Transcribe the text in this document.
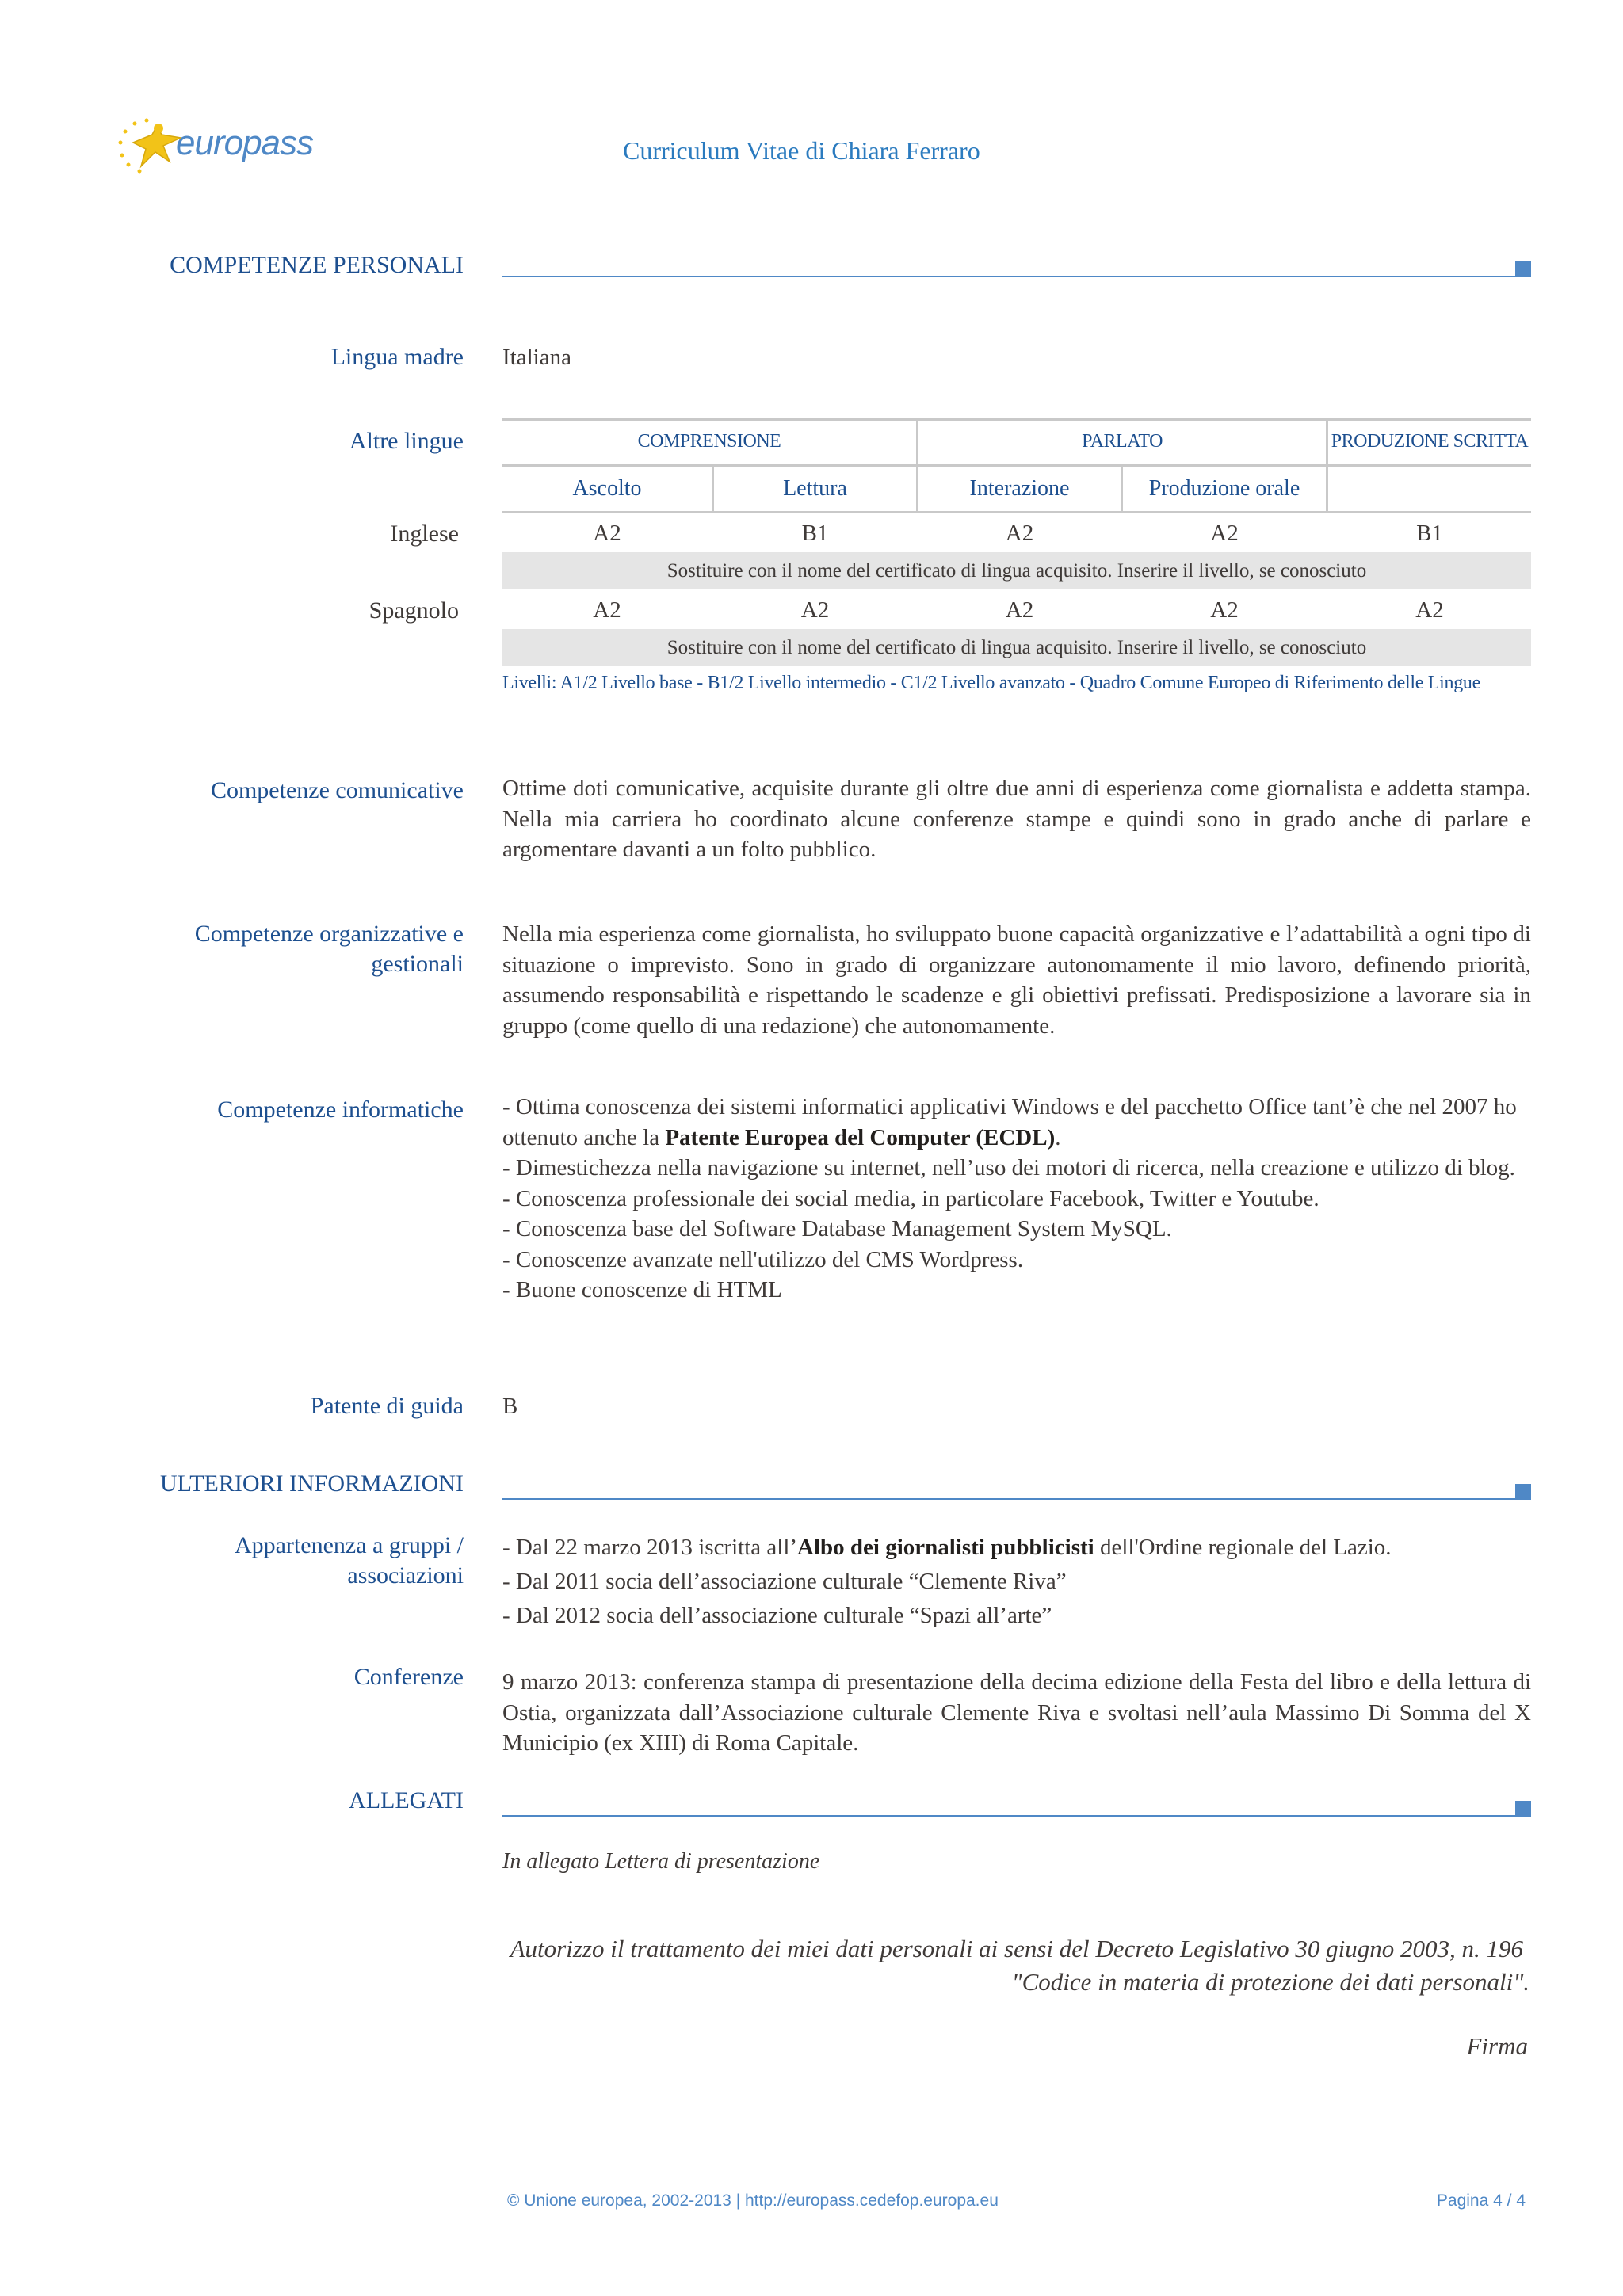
europass	Curriculum Vitae di Chiara Ferraro
COMPETENZE PERSONALI
Lingua madre Italiana
Altre lingue	COMPRENSIONE	PARLATO	PRODUZIONE SCRITTA
Ascolto	Lettura	Interazione	Produzione orale
Inglese	A2	B1	A2	A2	B1
Sostituire con il nome del certificato di lingua acquisito. Inserire il livello, se conosciuto
Spagnolo	A2	A2	A2	A2	A2
Sostituire con il nome del certificato di lingua acquisito. Inserire il livello, se conosciuto
Livelli: A1/2 Livello base - B1/2 Livello intermedio - C1/2 Livello avanzato - Quadro Comune Europeo di Riferimento delle Lingue
Competenze comunicative Ottime doti comunicative, acquisite durante gli oltre due anni di esperienza come giornalista e addetta stampa. Nella mia carriera ho coordinato alcune conferenze stampe e quindi sono in grado anche di parlare e argomentare davanti a un folto pubblico.
Competenze organizzative e
gestionali
Nella mia esperienza come giornalista, ho sviluppato buone capacità organizzative e l’adattabilità a ogni tipo di situazione o imprevisto. Sono in grado di organizzare autonomamente il mio lavoro, definendo priorità, assumendo responsabilità e rispettando le scadenze e gli obiettivi prefissati. Predisposizione a lavorare sia in gruppo (come quello di una redazione) che autonomamente.
Competenze informatiche - Ottima conoscenza dei sistemi informatici applicativi Windows e del pacchetto Office tant’è che nel 2007 ho ottenuto anche la Patente Europea del Computer (ECDL).
- Dimestichezza nella navigazione su internet, nell’uso dei motori di ricerca, nella creazione e utilizzo di blog.
- Conoscenza professionale dei social media, in particolare Facebook, Twitter e Youtube.
- Conoscenza base del Software Database Management System MySQL.
- Conoscenze avanzate nell'utilizzo del CMS Wordpress.
- Buone conoscenze di HTML
Patente di guida B
ULTERIORI INFORMAZIONI
Appartenenza a gruppi /
associazioni
- Dal 22 marzo 2013 iscritta all’Albo dei giornalisti pubblicisti dell'Ordine regionale del Lazio.
- Dal 2011 socia dell’associazione culturale “Clemente Riva”
- Dal 2012 socia dell’associazione culturale “Spazi all’arte”
Conferenze 9 marzo 2013: conferenza stampa di presentazione della decima edizione della Festa del libro e della lettura di Ostia, organizzata dall’Associazione culturale Clemente Riva e svoltasi nell’aula Massimo Di Somma del X Municipio (ex XIII) di Roma Capitale.
ALLEGATI
In allegato Lettera di presentazione
Autorizzo il trattamento dei miei dati personali ai sensi del Decreto Legislativo 30 giugno 2003, n. 196
"Codice in materia di protezione dei dati personali".
Firma
© Unione europea, 2002-2013 | http://europass.cedefop.europa.eu	Pagina 4 / 4
